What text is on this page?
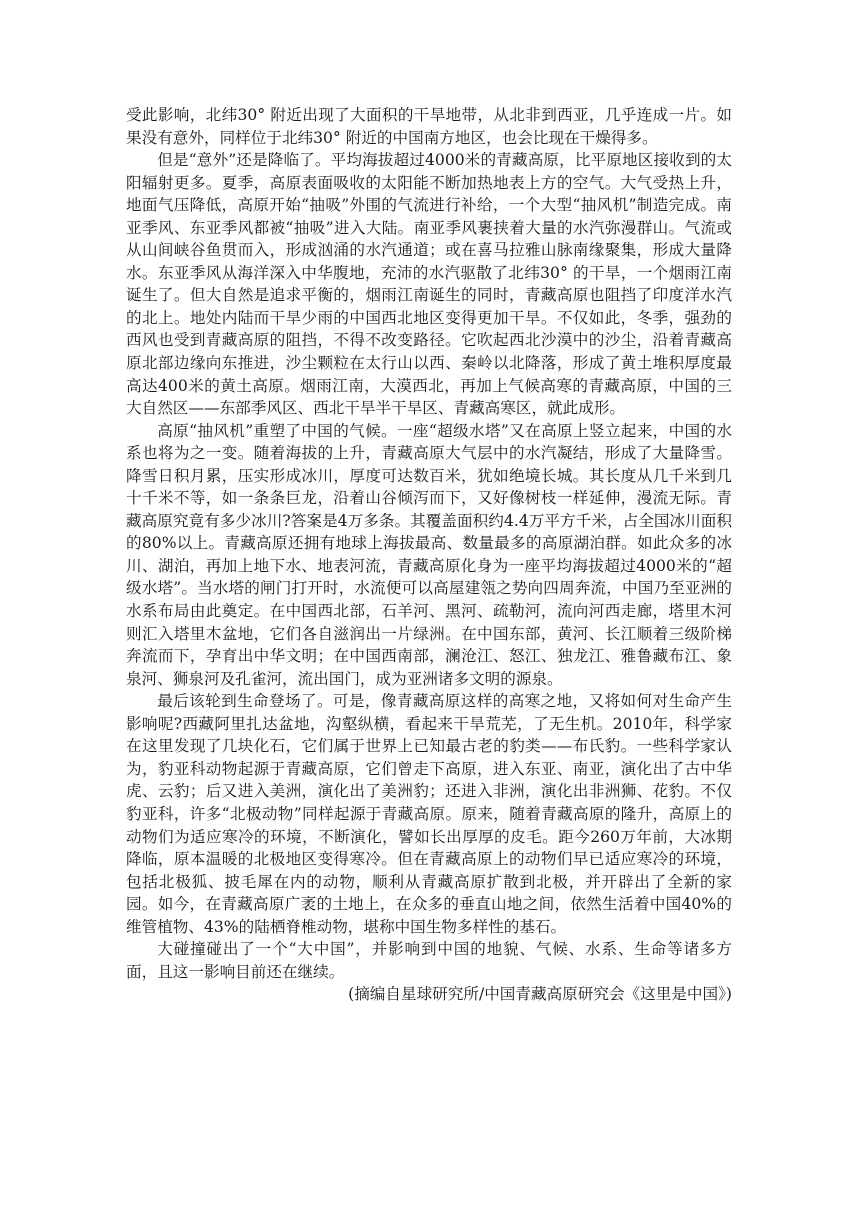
受此影响，北纬30° 附近出现了大面积的干旱地带，从北非到西亚，几乎连成一片。如果没有意外，同样位于北纬30° 附近的中国南方地区，也会比现在干燥得多。

但是“意外”还是降临了。平均海拔超过4000米的青藏高原，比平原地区接收到的太阳辐射更多。夏季，高原表面吸收的太阳能不断加热地表上方的空气。大气受热上升，地面气压降低，高原开始“抽吸”外围的气流进行补给，一个大型“抽风机”制造完成。南亚季风、东亚季风都被“抽吸”进入大陆。南亚季风裹挟着大量的水汽弥漫群山。气流或从山间峡谷鱼贯而入，形成汹涌的水汽通道；或在喜马拉雅山脉南缘聚集，形成大量降水。东亚季风从海洋深入中华腹地，充沛的水汽驱散了北纬30° 的干旱，一个烟雨江南诞生了。但大自然是追求平衡的，烟雨江南诞生的同时，青藏高原也阻挡了印度洋水汽的北上。地处内陆而干旱少雨的中国西北地区变得更加干旱。不仅如此，冬季，强劲的西风也受到青藏高原的阻挡，不得不改变路径。它吹起西北沙漠中的沙尘，沿着青藏高原北部边缘向东推进，沙尘颗粒在太行山以西、秦岭以北降落，形成了黄土堆积厚度最高达400米的黄土高原。烟雨江南，大漠西北，再加上气候高寒的青藏高原，中国的三大自然区——东部季风区、西北干旱半干旱区、青藏高寒区，就此成形。

高原“抽风机”重塑了中国的气候。一座“超级水塔”又在高原上竖立起来，中国的水系也将为之一变。随着海拔的上升，青藏高原大气层中的水汽凝结，形成了大量降雪。降雪日积月累，压实形成冰川，厚度可达数百米，犹如绝境长城。其长度从几千米到几十千米不等，如一条条巨龙，沿着山谷倾泻而下，又好像树枝一样延伸，漫流无际。青藏高原究竟有多少冰川?答案是4万多条。其覆盖面积约4.4万平方千米，占全国冰川面积的80%以上。青藏高原还拥有地球上海拔最高、数量最多的高原湖泊群。如此众多的冰川、湖泊，再加上地下水、地表河流，青藏高原化身为一座平均海拔超过4000米的“超级水塔”。当水塔的闸门打开时，水流便可以高屋建瓴之势向四周奔流，中国乃至亚洲的水系布局由此奠定。在中国西北部，石羊河、黑河、疏勒河，流向河西走廊，塔里木河则汇入塔里木盆地，它们各自滋润出一片绿洲。在中国东部，黄河、长江顺着三级阶梯奔流而下，孕育出中华文明；在中国西南部，澜沧江、怒江、独龙江、雅鲁藏布江、象泉河、狮泉河及孔雀河，流出国门，成为亚洲诸多文明的源泉。

最后该轮到生命登场了。可是，像青藏高原这样的高寒之地，又将如何对生命产生影响呢?西藏阿里扎达盆地，沟壑纵横，看起来干旱荒芜，了无生机。2010年，科学家在这里发现了几块化石，它们属于世界上已知最古老的豹类——布氏豹。一些科学家认为，豹亚科动物起源于青藏高原，它们曾走下高原，进入东亚、南亚，演化出了古中华虎、云豹；后又进入美洲，演化出了美洲豹；还进入非洲，演化出非洲狮、花豹。不仅豹亚科，许多“北极动物”同样起源于青藏高原。原来，随着青藏高原的隆升，高原上的动物们为适应寒冷的环境，不断演化，譬如长出厚厚的皮毛。距今260万年前，大冰期降临，原本温暖的北极地区变得寒冷。但在青藏高原上的动物们早已适应寒冷的环境，包括北极狐、披毛犀在内的动物，顺利从青藏高原扩散到北极，并开辟出了全新的家园。如今，在青藏高原广袤的土地上，在众多的垂直山地之间，依然生活着中国40%的维管植物、43%的陆栖脊椎动物，堪称中国生物多样性的基石。

大碰撞碰出了一个“大中国”，并影响到中国的地貌、气候、水系、生命等诸多方面，且这一影响目前还在继续。

(摘编自星球研究所/中国青藏高原研究会《这里是中国》)
